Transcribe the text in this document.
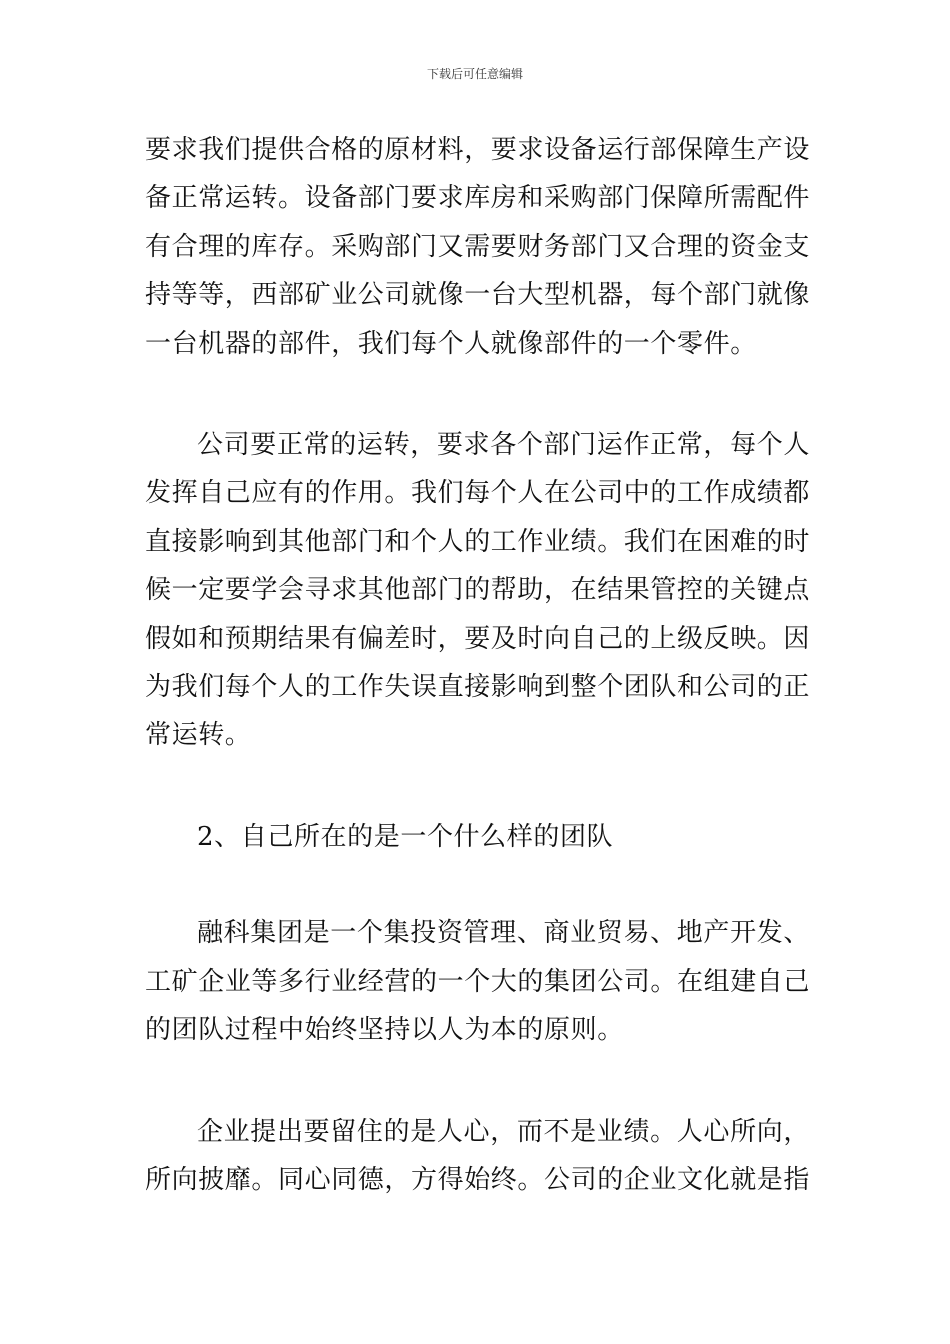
下载后可任意编辑

要求我们提供合格的原材料，要求设备运行部保障生产设备正常运转。设备部门要求库房和采购部门保障所需配件有合理的库存。采购部门又需要财务部门又合理的资金支持等等，西部矿业公司就像一台大型机器，每个部门就像一台机器的部件，我们每个人就像部件的一个零件。

公司要正常的运转，要求各个部门运作正常，每个人发挥自己应有的作用。我们每个人在公司中的工作成绩都直接影响到其他部门和个人的工作业绩。我们在困难的时候一定要学会寻求其他部门的帮助，在结果管控的关键点假如和预期结果有偏差时，要及时向自己的上级反映。因为我们每个人的工作失误直接影响到整个团队和公司的正常运转。

2、自己所在的是一个什么样的团队

融科集团是一个集投资管理、商业贸易、地产开发、工矿企业等多行业经营的一个大的集团公司。在组建自己的团队过程中始终坚持以人为本的原则。

企业提出要留住的是人心，而不是业绩。人心所向，所向披靡。同心同德，方得始终。公司的企业文化就是指
